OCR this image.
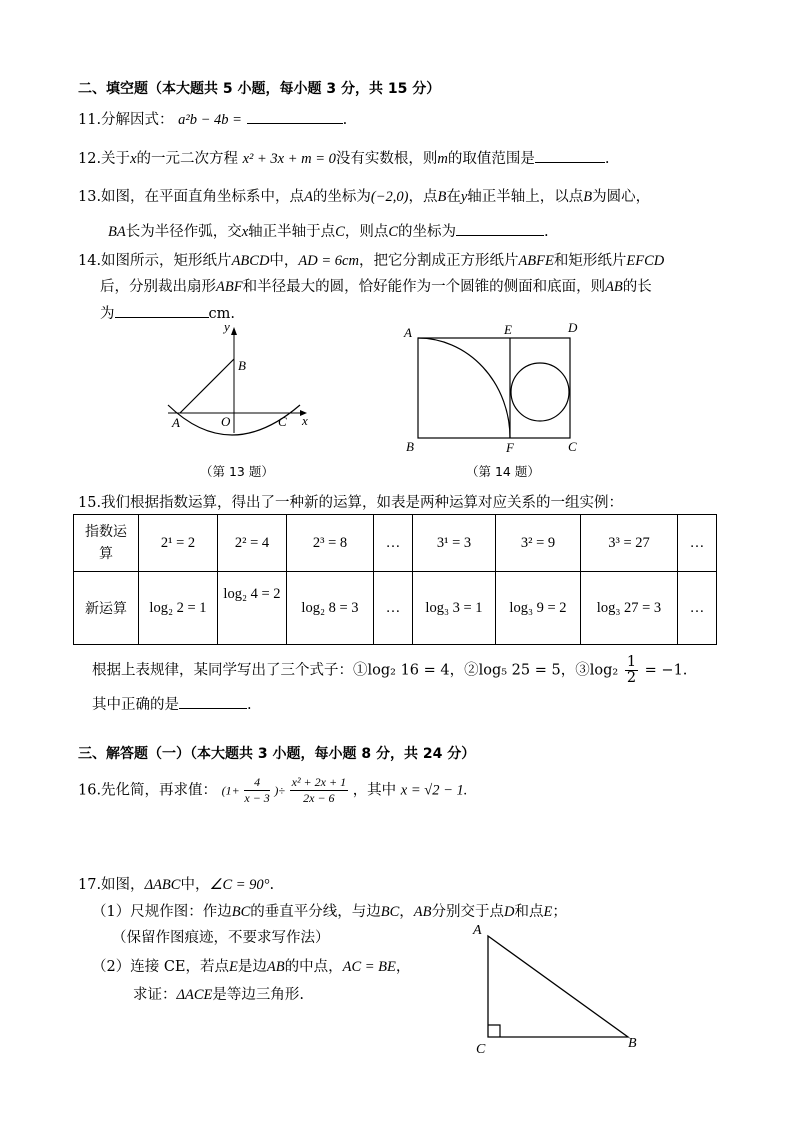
二、填空题（本大题共 5 小题，每小题 3 分，共 15 分）
11.分解因式： a²b − 4b =	.
12.关于x的一元二次方程 x² + 3x + m = 0没有实数根，则m的取值范围是	.
13.如图，在平面直角坐标系中，点A的坐标为(−2,0)，点B在y轴正半轴上，以点B为圆心，
BA长为半径作弧，交x轴正半轴于点C，则点C的坐标为	.
14.如图所示，矩形纸片ABCD中，AD = 6cm，把它分割成正方形纸片ABFE和矩形纸片EFCD
后，分别裁出扇形ABF和半径最大的圆，恰好能作为一个圆锥的侧面和底面，则AB的长
为	cm.
y
x
B
A	O	C
（第 13 题）
A	E	D
B	F	C
（第 14 题）
15.我们根据指数运算，得出了一种新的运算，如表是两种运算对应关系的一组实例：
指数运
算	2¹ = 2	2² = 4	2³ = 8	…	3¹ = 3	3² = 9	3³ = 27	…
新运算	log₂ 2 = 1	log₂ 4 = 2	log₂ 8 = 3	…	log₃ 3 = 1	log₃ 9 = 2	log₃ 27 = 3	…
根据上表规律，某同学写出了三个式子：①log₂ 16 = 4，②log₅ 25 = 5，③log₂ $\frac{1}{2} = -1$.
其中正确的是	.
三、解答题（一）（本大题共 3 小题，每小题 8 分，共 24 分）
16.先化简，再求值： ($1+ \frac{4}{x - 3}$ )÷ $\frac{\text{x² + 2x + 1}}{2x - 6}$ ，其中 x = √2 − 1.
17.如图，ΔABC中，∠C = 90°.
（1）尺规作图：作边BC的垂直平分线，与边BC，AB分别交于点D和点E；
（保留作图痕迹，不要求写作法）
（2）连接 CE，若点E是边AB的中点，AC = BE，
求证：ΔACE是等边三角形.
A
C	B
